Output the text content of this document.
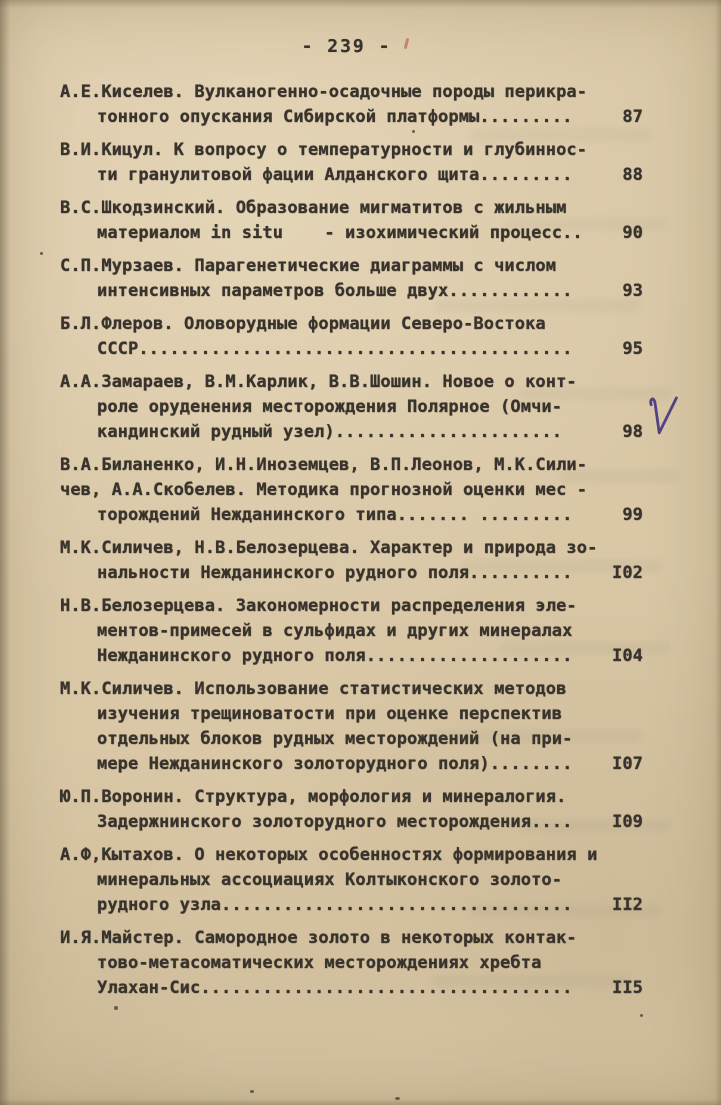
- 239 -
А.Е.Киселев. Вулканогенно-осадочные породы перикра-
тонного опускания Сибирской платформы.........	87
В.И.Кицул. К вопросу о температурности и глубиннос-
ти гранулитовой фации Алданского щита.........	88
В.С.Шкодзинский. Образование мигматитов с жильным
материалом in situ    - изохимический процесс.. 90
С.П.Мурзаев. Парагенетические диаграммы с числом
интенсивных параметров больше двух............	93
Б.Л.Флеров. Оловорудные формации Северо-Востока
СССР..........................................	95
А.А.Замараев, В.М.Карлик, В.В.Шошин. Новое о конт-
роле оруденения месторождения Полярное (Омчи-
кандинский рудный узел)......................	98
В.А.Биланенко, И.Н.Иноземцев, В.П.Леонов, М.К.Сили-
чев, А.А.Скобелев. Методика прогнозной оценки мес -
торождений Нежданинского типа....... .........	99
М.К.Силичев, Н.В.Белозерцева. Характер и природа зо-
нальности Нежданинского рудного поля.......... I02
Н.В.Белозерцева. Закономерности распределения эле-
ментов-примесей в сульфидах и других минералах
Нежданинского рудного поля.................... I04
М.К.Силичев. Использование статистических методов
изучения трещиноватости при оценке перспектив
отдельных блоков рудных месторождений (на при-
мере Нежданинского золоторудного поля)........ I07
Ю.П.Воронин. Структура, морфология и минералогия.
Задержнинского золоторудного месторождения.... I09
А.Ф,Кытахов. О некоторых особенностях формирования и
минеральных ассоциациях Колтыконского золото-
рудного узла.................................. II2
И.Я.Майстер. Самородное золото в некоторых контак-
тово-метасоматических месторождениях хребта
Улахан-Сис.................................... II5
